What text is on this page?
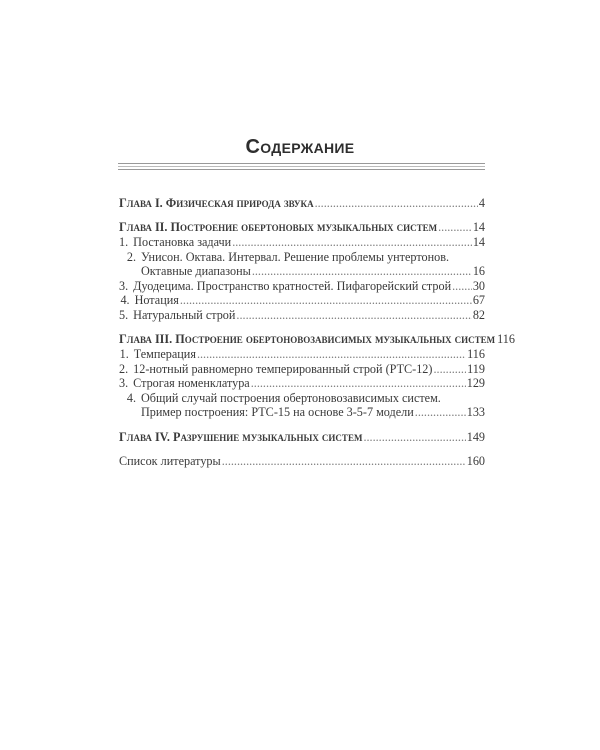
Содержание
Глава I. Физическая природа звука .....	4
Глава II. Построение обертоновых музыкальных систем .....	14
1. Постановка задачи .....	14
2. Унисон. Октава. Интервал. Решение проблемы унтертонов.
Октавные диапазоны .....	16
3. Дуодецима. Пространство кратностей. Пифагорейский строй ..... 30
4. Нотация .....	67
5. Натуральный строй .....	82
Глава III. Построение обертоновозависимых музыкальных систем 116
1. Темперация .....	116
2. 12-нотный равномерно темперированный строй (РТС-12) .....	119
3. Строгая номенклатура .....	129
4. Общий случай построения обертоновозависимых систем.
Пример построения: РТС-15 на основе 3-5-7 модели .....	133
Глава IV. Разрушение музыкальных систем .....	149
Список литературы .....	160
